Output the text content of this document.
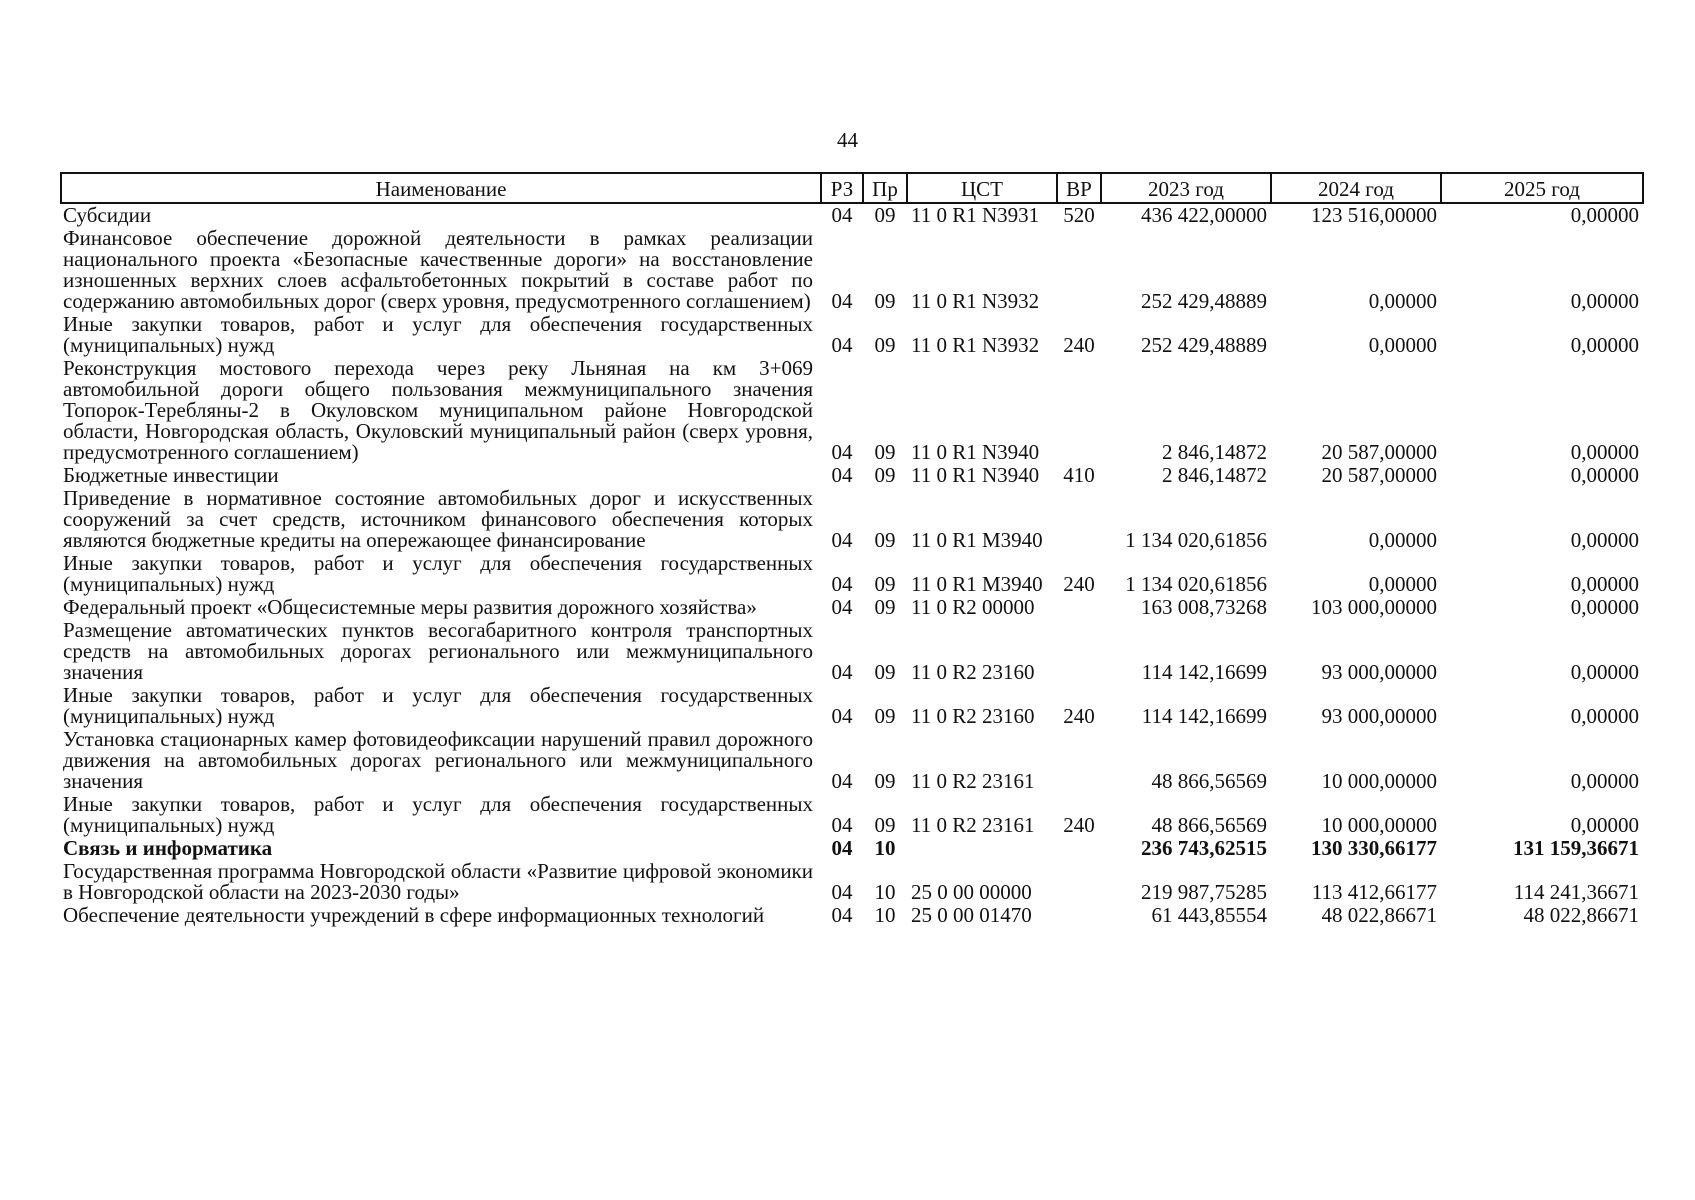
44
Наименование	РЗ	Пр	ЦСТ	ВР	2023 год	2024 год	2025 год
Субсидии	04	09	11 0 R1 N3931	520	436 422,00000	123 516,00000	0,00000
Финансовое обеспечение дорожной деятельности в рамках реализации национального проекта «Безопасные качественные дороги» на восстановление изношенных верхних слоев асфальтобетонных покрытий в составе работ по содержанию автомобильных дорог (сверх уровня, предусмотренного соглашением)	04	09	11 0 R1 N3932		252 429,48889	0,00000	0,00000
Иные закупки товаров, работ и услуг для обеспечения государственных (муниципальных) нужд	04	09	11 0 R1 N3932	240	252 429,48889	0,00000	0,00000
Реконструкция мостового перехода через реку Льняная на км 3+069 автомобильной дороги общего пользования межмуниципального значения Топорок-Теребляны-2 в Окуловском муниципальном районе Новгородской области, Новгородская область, Окуловский муниципальный район (сверх уровня, предусмотренного соглашением)	04	09	11 0 R1 N3940		2 846,14872	20 587,00000	0,00000
Бюджетные инвестиции	04	09	11 0 R1 N3940	410	2 846,14872	20 587,00000	0,00000
Приведение в нормативное состояние автомобильных дорог и искусственных сооружений за счет средств, источником финансового обеспечения которых являются бюджетные кредиты на опережающее финансирование	04	09	11 0 R1 M3940		1 134 020,61856	0,00000	0,00000
Иные закупки товаров, работ и услуг для обеспечения государственных (муниципальных) нужд	04	09	11 0 R1 M3940	240	1 134 020,61856	0,00000	0,00000
Федеральный проект «Общесистемные меры развития дорожного хозяйства»	04	09	11 0 R2 00000		163 008,73268	103 000,00000	0,00000
Размещение автоматических пунктов весогабаритного контроля транспортных средств на автомобильных дорогах регионального или межмуниципального значения	04	09	11 0 R2 23160		114 142,16699	93 000,00000	0,00000
Иные закупки товаров, работ и услуг для обеспечения государственных (муниципальных) нужд	04	09	11 0 R2 23160	240	114 142,16699	93 000,00000	0,00000
Установка стационарных камер фотовидеофиксации нарушений правил дорожного движения на автомобильных дорогах регионального или межмуниципального значения	04	09	11 0 R2 23161		48 866,56569	10 000,00000	0,00000
Иные закупки товаров, работ и услуг для обеспечения государственных (муниципальных) нужд	04	09	11 0 R2 23161	240	48 866,56569	10 000,00000	0,00000
Связь и информатика	04	10			236 743,62515	130 330,66177	131 159,36671
Государственная программа Новгородской области «Развитие цифровой экономики в Новгородской области на 2023-2030 годы»	04	10	25 0 00 00000		219 987,75285	113 412,66177	114 241,36671
Обеспечение деятельности учреждений в сфере информационных технологий	04	10	25 0 00 01470		61 443,85554	48 022,86671	48 022,86671
